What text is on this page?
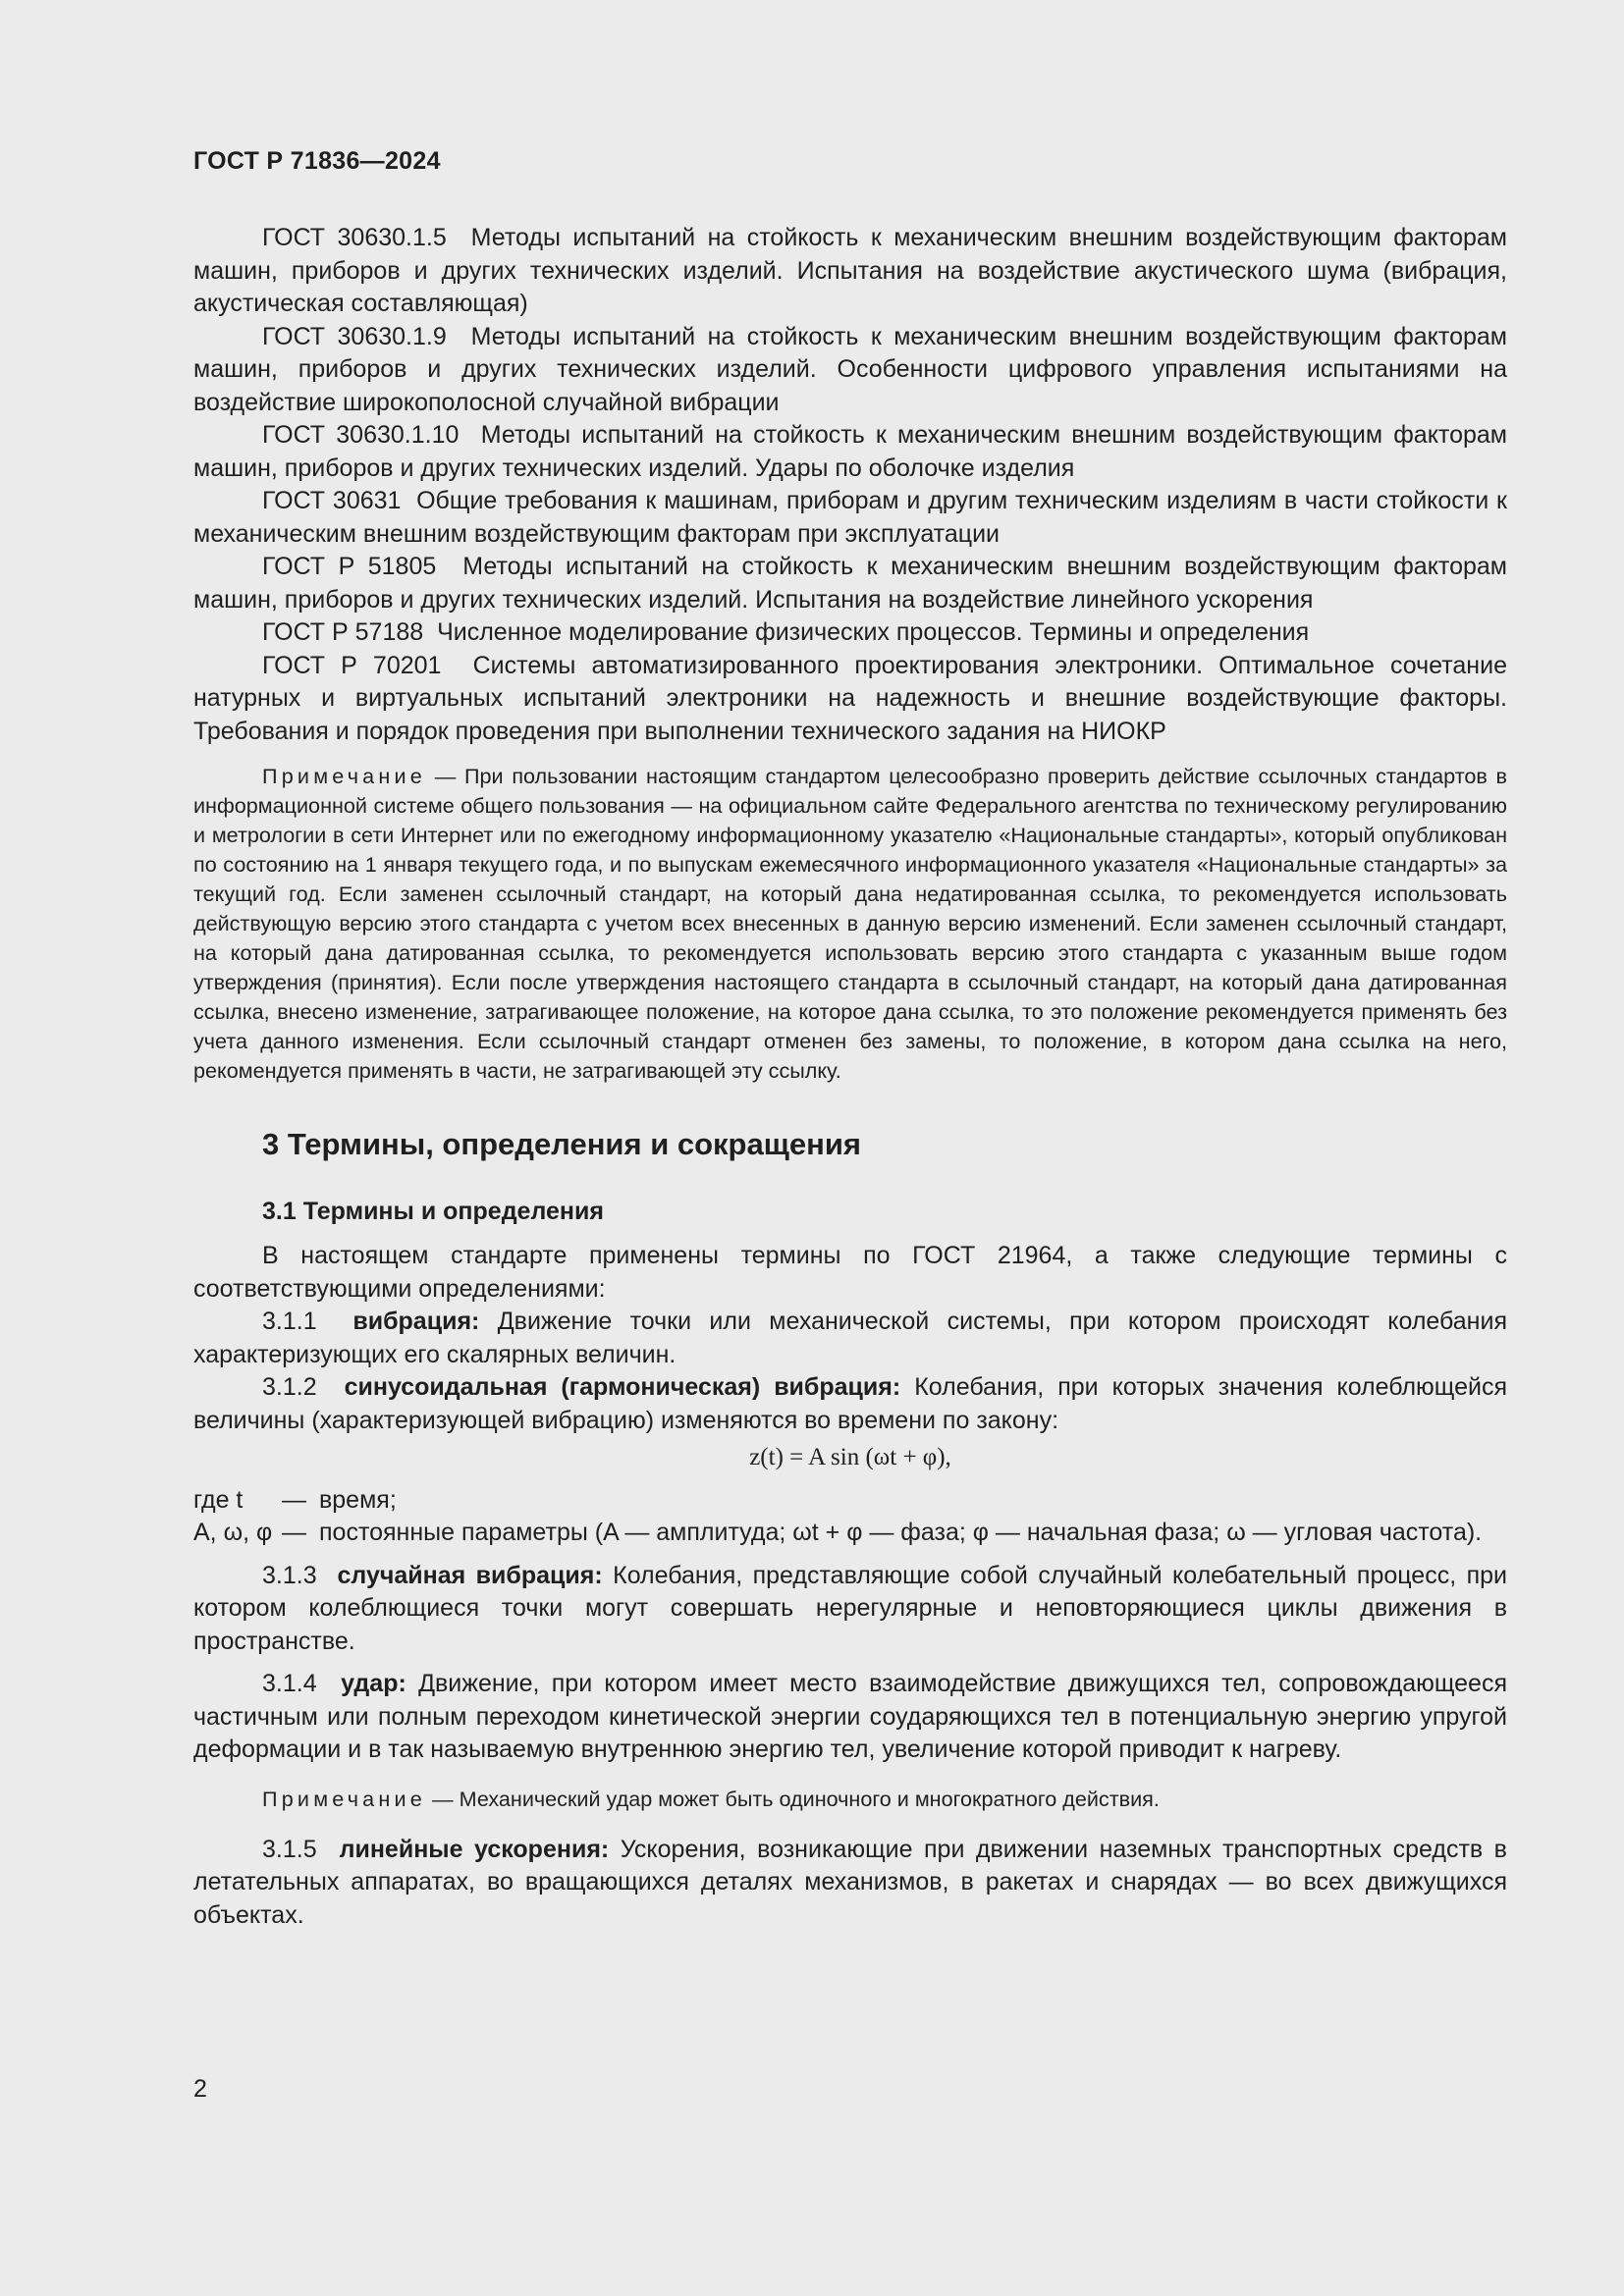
ГОСТ Р 71836—2024

ГОСТ 30630.1.5 Методы испытаний на стойкость к механическим внешним воздействующим факторам машин, приборов и других технических изделий. Испытания на воздействие акустического шума (вибрация, акустическая составляющая)

ГОСТ 30630.1.9 Методы испытаний на стойкость к механическим внешним воздействующим факторам машин, приборов и других технических изделий. Особенности цифрового управления испытаниями на воздействие широкополосной случайной вибрации

ГОСТ 30630.1.10 Методы испытаний на стойкость к механическим внешним воздействующим факторам машин, приборов и других технических изделий. Удары по оболочке изделия

ГОСТ 30631 Общие требования к машинам, приборам и другим техническим изделиям в части стойкости к механическим внешним воздействующим факторам при эксплуатации

ГОСТ Р 51805 Методы испытаний на стойкость к механическим внешним воздействующим факторам машин, приборов и других технических изделий. Испытания на воздействие линейного ускорения

ГОСТ Р 57188 Численное моделирование физических процессов. Термины и определения

ГОСТ Р 70201 Системы автоматизированного проектирования электроники. Оптимальное сочетание натурных и виртуальных испытаний электроники на надежность и внешние воздействующие факторы. Требования и порядок проведения при выполнении технического задания на НИОКР

Примечание — При пользовании настоящим стандартом целесообразно проверить действие ссылочных стандартов в информационной системе общего пользования — на официальном сайте Федерального агентства по техническому регулированию и метрологии в сети Интернет или по ежегодному информационному указателю «Национальные стандарты», который опубликован по состоянию на 1 января текущего года, и по выпускам ежемесячного информационного указателя «Национальные стандарты» за текущий год. Если заменен ссылочный стандарт, на который дана недатированная ссылка, то рекомендуется использовать действующую версию этого стандарта с учетом всех внесенных в данную версию изменений. Если заменен ссылочный стандарт, на который дана датированная ссылка, то рекомендуется использовать версию этого стандарта с указанным выше годом утверждения (принятия). Если после утверждения настоящего стандарта в ссылочный стандарт, на который дана датированная ссылка, внесено изменение, затрагивающее положение, на которое дана ссылка, то это положение рекомендуется применять без учета данного изменения. Если ссылочный стандарт отменен без замены, то положение, в котором дана ссылка на него, рекомендуется применять в части, не затрагивающей эту ссылку.

3 Термины, определения и сокращения
3.1 Термины и определения

В настоящем стандарте применены термины по ГОСТ 21964, а также следующие термины с соответствующими определениями:

3.1.1 вибрация: Движение точки или механической системы, при котором происходят колебания характеризующих его скалярных величин.

3.1.2 синусоидальная (гармоническая) вибрация: Колебания, при которых значения колеблющейся величины (характеризующей вибрацию) изменяются во времени по закону:

z(t) = A sin (ωt + φ),
где t	— время;
A, ω, φ — постоянные параметры (A — амплитуда; ωt + φ — фаза; φ — начальная фаза; ω — угловая частота).

3.1.3 случайная вибрация: Колебания, представляющие собой случайный колебательный процесс, при котором колеблющиеся точки могут совершать нерегулярные и неповторяющиеся циклы движения в пространстве.

3.1.4 удар: Движение, при котором имеет место взаимодействие движущихся тел, сопровождающееся частичным или полным переходом кинетической энергии соударяющихся тел в потенциальную энергию упругой деформации и в так называемую внутреннюю энергию тел, увеличение которой приводит к нагреву.

Примечание — Механический удар может быть одиночного и многократного действия.

3.1.5 линейные ускорения: Ускорения, возникающие при движении наземных транспортных средств в летательных аппаратах, во вращающихся деталях механизмов, в ракетах и снарядах — во всех движущихся объектах.

2
